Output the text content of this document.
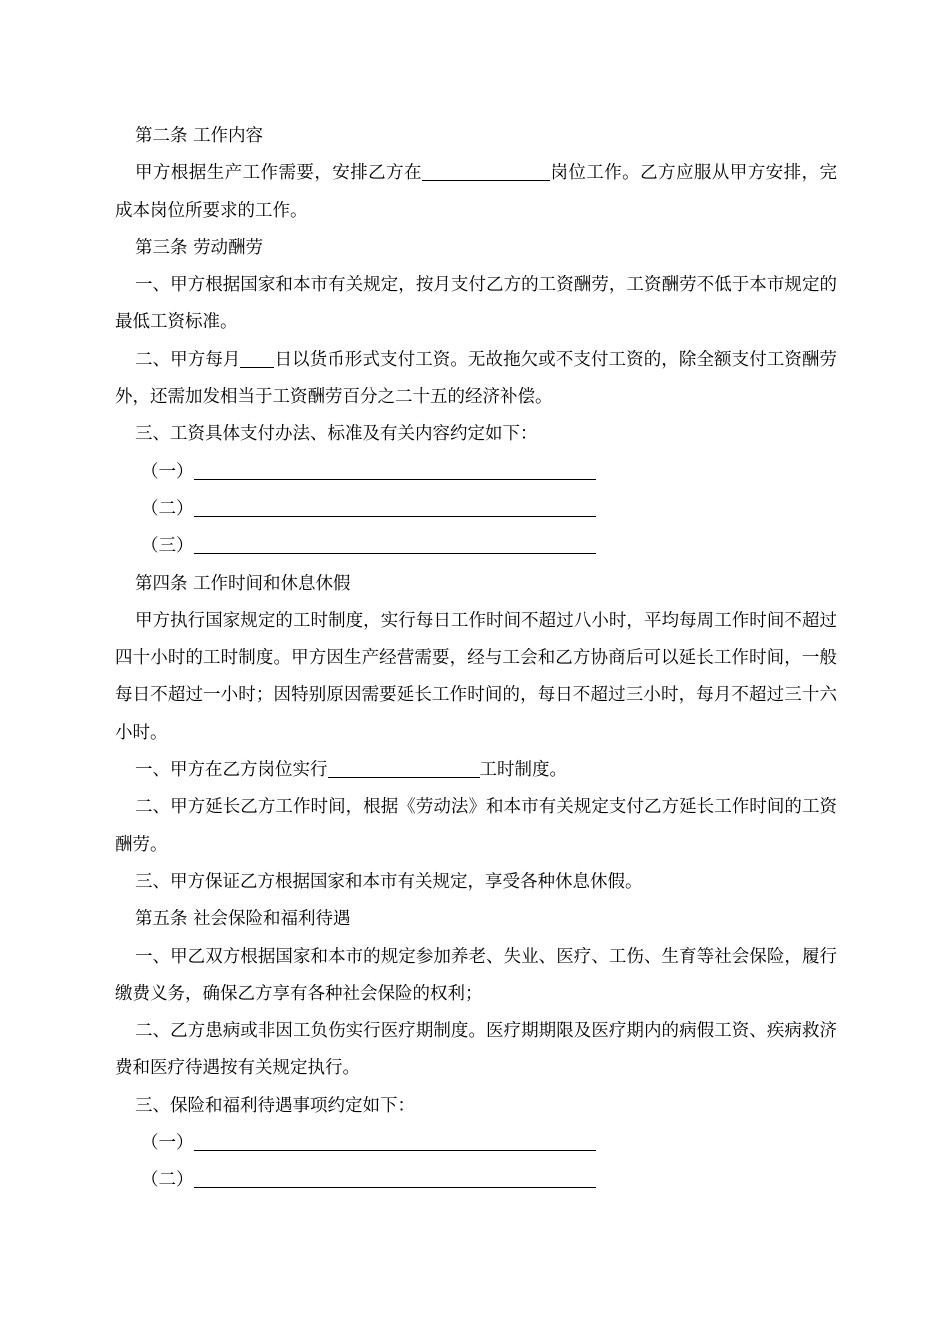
第二条 工作内容
甲方根据生产工作需要，安排乙方在	岗位工作。乙方应服从甲方安排，完成本岗位所要求的工作。
第三条 劳动酬劳
一、甲方根据国家和本市有关规定，按月支付乙方的工资酬劳，工资酬劳不低于本市规定的最低工资标准。
二、甲方每月 日以货币形式支付工资。无故拖欠或不支付工资的，除全额支付工资酬劳外，还需加发相当于工资酬劳百分之二十五的经济补偿。
三、工资具体支付办法、标准及有关内容约定如下：
（一）
（二）
（三）
第四条 工作时间和休息休假
甲方执行国家规定的工时制度，实行每日工作时间不超过八小时，平均每周工作时间不超过四十小时的工时制度。甲方因生产经营需要，经与工会和乙方协商后可以延长工作时间，一般每日不超过一小时；因特别原因需要延长工作时间的，每日不超过三小时，每月不超过三十六小时。
一、甲方在乙方岗位实行	工时制度。
二、甲方延长乙方工作时间，根据《劳动法》和本市有关规定支付乙方延长工作时间的工资酬劳。
三、甲方保证乙方根据国家和本市有关规定，享受各种休息休假。
第五条 社会保险和福利待遇
一、甲乙双方根据国家和本市的规定参加养老、失业、医疗、工伤、生育等社会保险，履行缴费义务，确保乙方享有各种社会保险的权利；
二、乙方患病或非因工负伤实行医疗期制度。医疗期期限及医疗期内的病假工资、疾病救济费和医疗待遇按有关规定执行。
三、保险和福利待遇事项约定如下：
（一）
（二）
